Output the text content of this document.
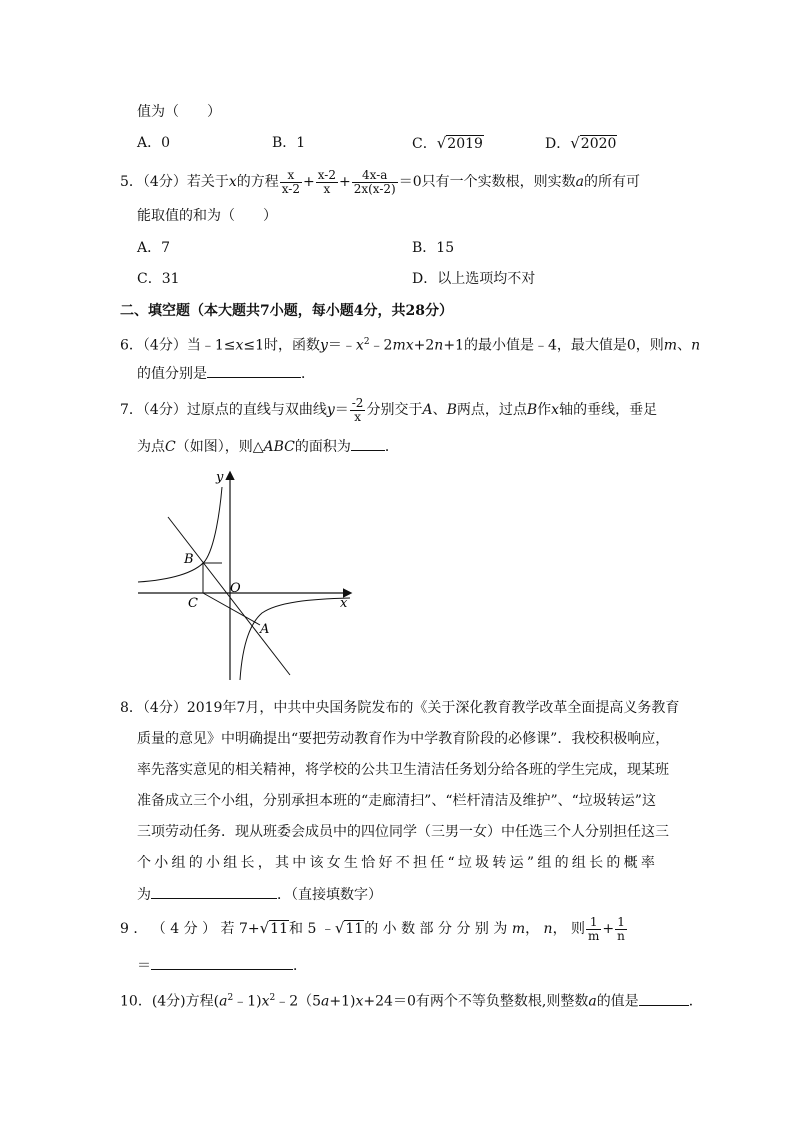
值为（　　）
A．0	B．1	C．√2019	D．√2020
5．（4分）若关于x的方程 $\frac{x}{x-2} + \frac{x-2}{x} + \frac{4x-a}{2x(x-2)} =0$只有一个实数根，则实数a的所有可
能取值的和为（　　）
A．7	B．15
C．31	D．以上选项均不对
二、填空题（本大题共7小题，每小题4分，共28分）
6．（4分）当﹣1≤x≤1时，函数$y=﹣x^2﹣2mx+2n+1$的最小值是﹣4，最大值是0，则m、n
的值分别是	．
7．（4分）过原点的直线与双曲线$y= \frac{-2}{x}$ 分别交于A、B两点，过点B作x轴的垂线，垂足
为点C（如图），则△ABC的面积为 ．
y
x
B
O
C
A
8．（4分）2019年7月，中共中央国务院发布的《关于深化教育教学改革全面提高义务教育
质量的意见》中明确提出“要把劳动教育作为中学教育阶段的必修课”．我校积极响应，
率先落实意见的相关精神，将学校的公共卫生清洁任务划分给各班的学生完成，现某班
准备成立三个小组，分别承担本班的“走廊清扫”、“栏杆清洁及维护”、“垃圾转运”这
三项劳动任务．现从班委会成员中的四位同学（三男一女）中任选三个人分别担任这三
个 小 组 的 小 组 长 ， 其 中 该 女 生 恰 好 不 担 任 “ 垃 圾 转 运 ” 组 的 组 长 的 概 率
为	．（直接填数字）
9 ． （ 4 分 ） 若 7+√11和 5 ﹣√11的 小 数 部 分 分 别 为 m， n， 则 $\frac{1}{m} + \frac{1}{n}$
＝	．
10．(4分)方程$(a^2﹣1)x^2﹣2(5a+1)x+24=0$有两个不等负整数根,则整数a的值是	．
